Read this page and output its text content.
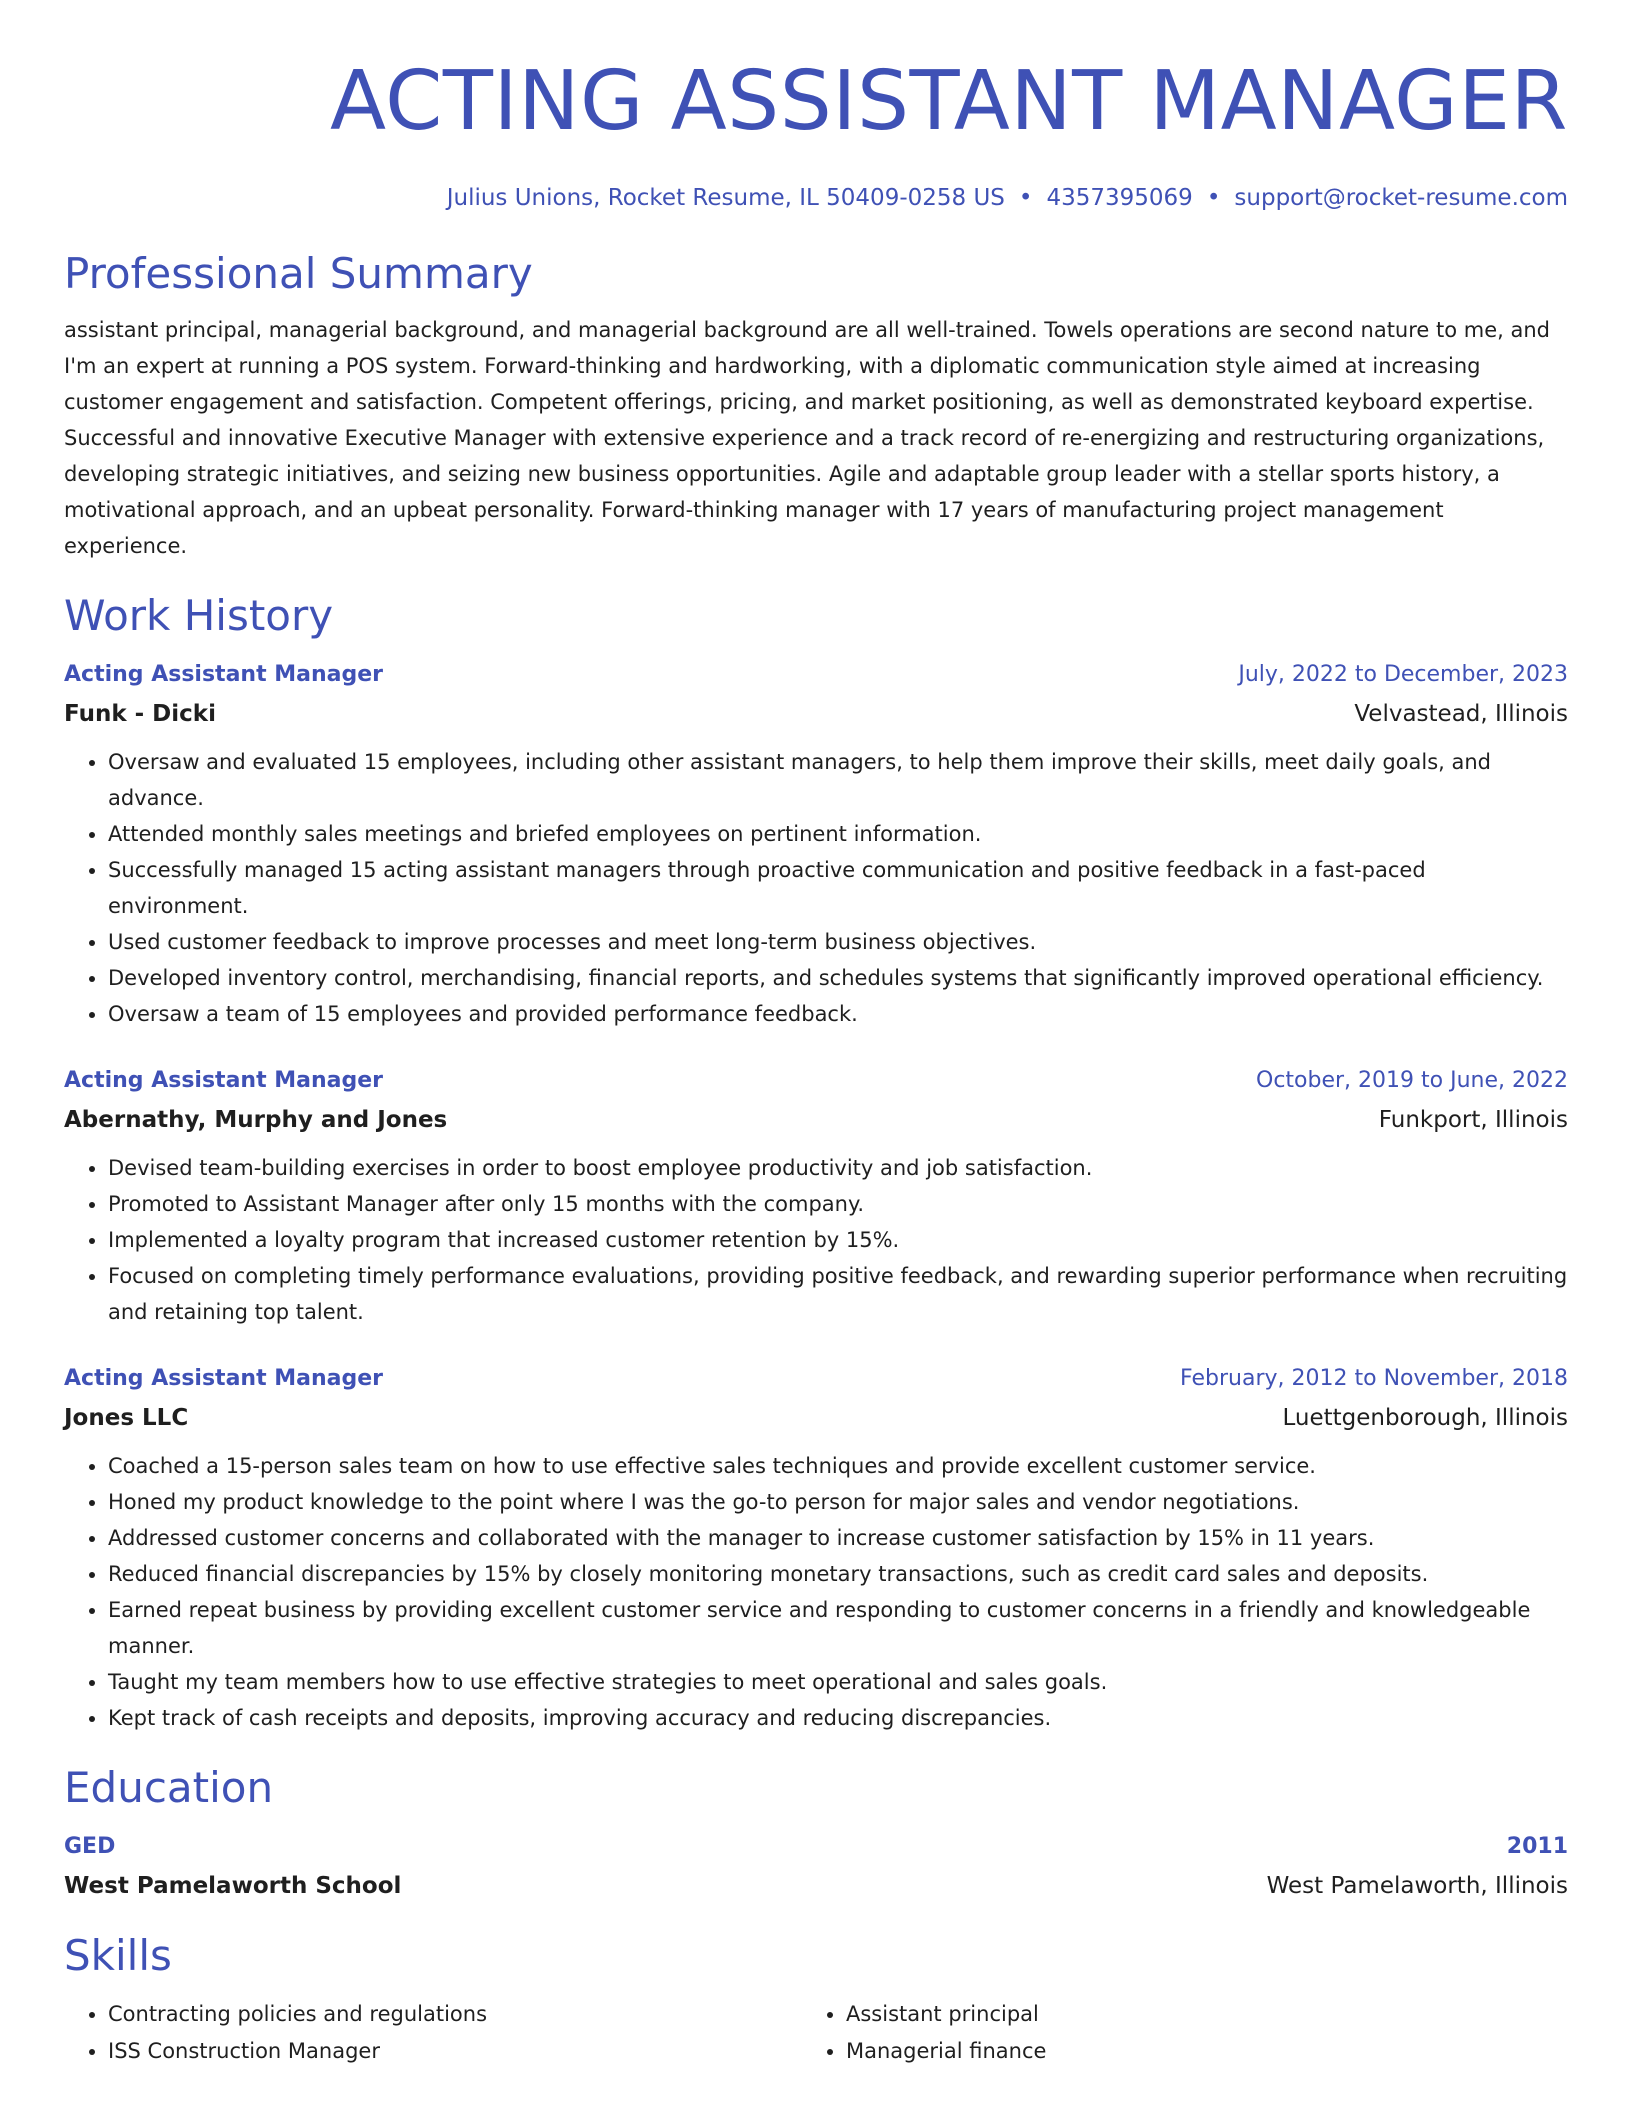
ACTING ASSISTANT MANAGER
Julius Unions, Rocket Resume, IL 50409-0258 US • 4357395069 • support@rocket-resume.com
Professional Summary

assistant principal, managerial background, and managerial background are all well-trained. Towels operations are second nature to me, and I'm an expert at running a POS system. Forward-thinking and hardworking, with a diplomatic communication style aimed at increasing customer engagement and satisfaction. Competent offerings, pricing, and market positioning, as well as demonstrated keyboard expertise. Successful and innovative Executive Manager with extensive experience and a track record of re-energizing and restructuring organizations, developing strategic initiatives, and seizing new business opportunities. Agile and adaptable group leader with a stellar sports history, a motivational approach, and an upbeat personality. Forward-thinking manager with 17 years of manufacturing project management experience.

Work History
Acting Assistant Manager	July, 2022 to December, 2023
Funk - Dicki	Velvastead, Illinois
• Oversaw and evaluated 15 employees, including other assistant managers, to help them improve their skills, meet daily goals, and advance.
• Attended monthly sales meetings and briefed employees on pertinent information.
• Successfully managed 15 acting assistant managers through proactive communication and positive feedback in a fast-paced environment.
• Used customer feedback to improve processes and meet long-term business objectives.
• Developed inventory control, merchandising, financial reports, and schedules systems that significantly improved operational efficiency.
• Oversaw a team of 15 employees and provided performance feedback.
Acting Assistant Manager	October, 2019 to June, 2022
Abernathy, Murphy and Jones	Funkport, Illinois
• Devised team-building exercises in order to boost employee productivity and job satisfaction.
• Promoted to Assistant Manager after only 15 months with the company.
• Implemented a loyalty program that increased customer retention by 15%.
• Focused on completing timely performance evaluations, providing positive feedback, and rewarding superior performance when recruiting and retaining top talent.
Acting Assistant Manager	February, 2012 to November, 2018
Jones LLC	Luettgenborough, Illinois
• Coached a 15-person sales team on how to use effective sales techniques and provide excellent customer service.
• Honed my product knowledge to the point where I was the go-to person for major sales and vendor negotiations.
• Addressed customer concerns and collaborated with the manager to increase customer satisfaction by 15% in 11 years.
• Reduced financial discrepancies by 15% by closely monitoring monetary transactions, such as credit card sales and deposits.
• Earned repeat business by providing excellent customer service and responding to customer concerns in a friendly and knowledgeable manner.
• Taught my team members how to use effective strategies to meet operational and sales goals.
• Kept track of cash receipts and deposits, improving accuracy and reducing discrepancies.
Education
GED	2011
West Pamelaworth School	West Pamelaworth, Illinois
Skills
• Contracting policies and regulations
• ISS Construction Manager
• Assistant principal
• Managerial finance
